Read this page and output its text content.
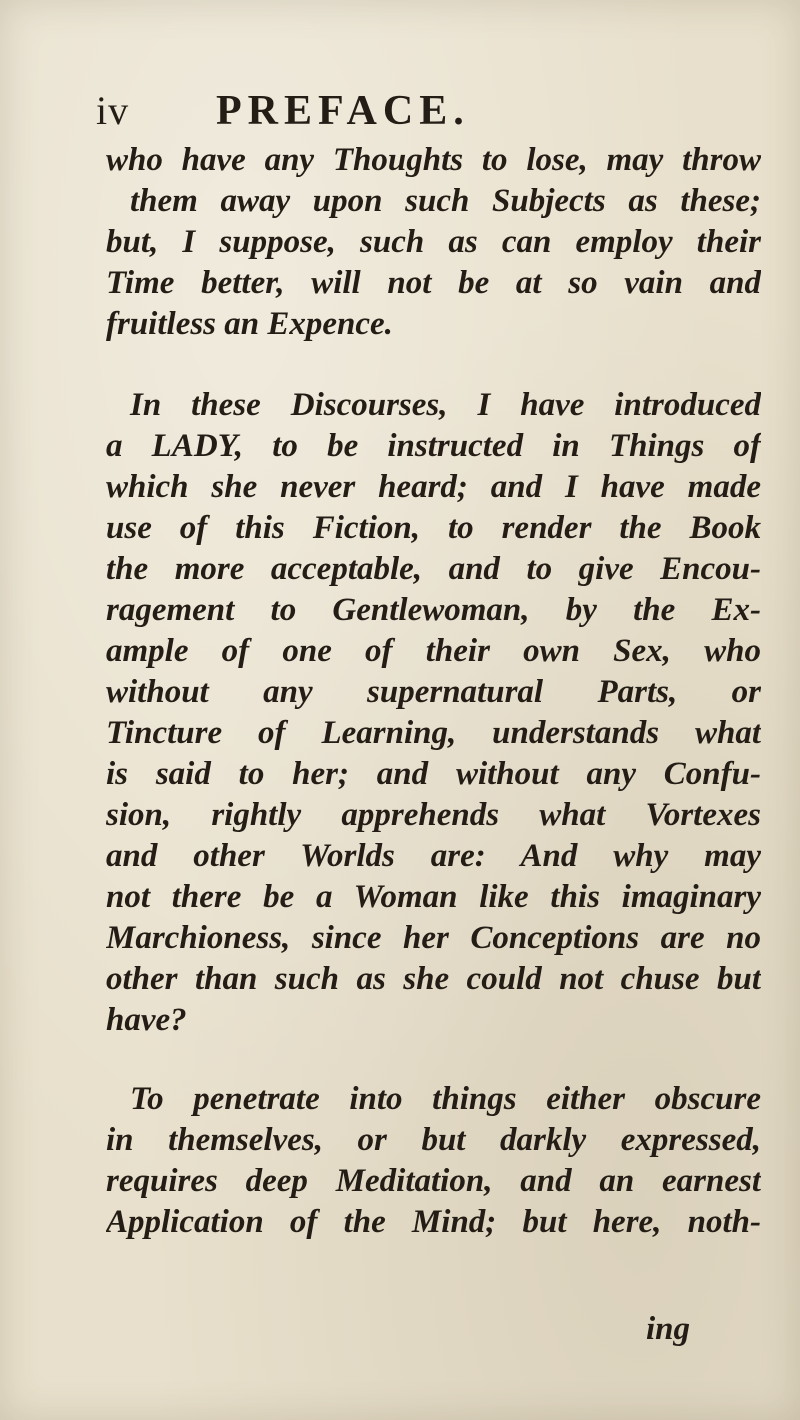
iv PREFACE.

who have any Thoughts to lose, may throw
them away upon such Subjects as these;
but, I suppose, such as can employ their
Time better, will not be at so vain and
fruitless an Expence.

In these Discourses, I have introduced
a LADY, to be instructed in Things of
which she never heard; and I have made
use of this Fiction, to render the Book
the more acceptable, and to give Encou-
ragement to Gentlewoman, by the Ex-
ample of one of their own Sex, who
without any supernatural Parts, or
Tincture of Learning, understands what
is said to her; and without any Confu-
sion, rightly apprehends what Vortexes
and other Worlds are: And why may
not there be a Woman like this imaginary
Marchioness, since her Conceptions are no
other than such as she could not chuse but
have?

To penetrate into things either obscure
in themselves, or but darkly expressed,
requires deep Meditation, and an earnest
Application of the Mind; but here, noth-

ing
